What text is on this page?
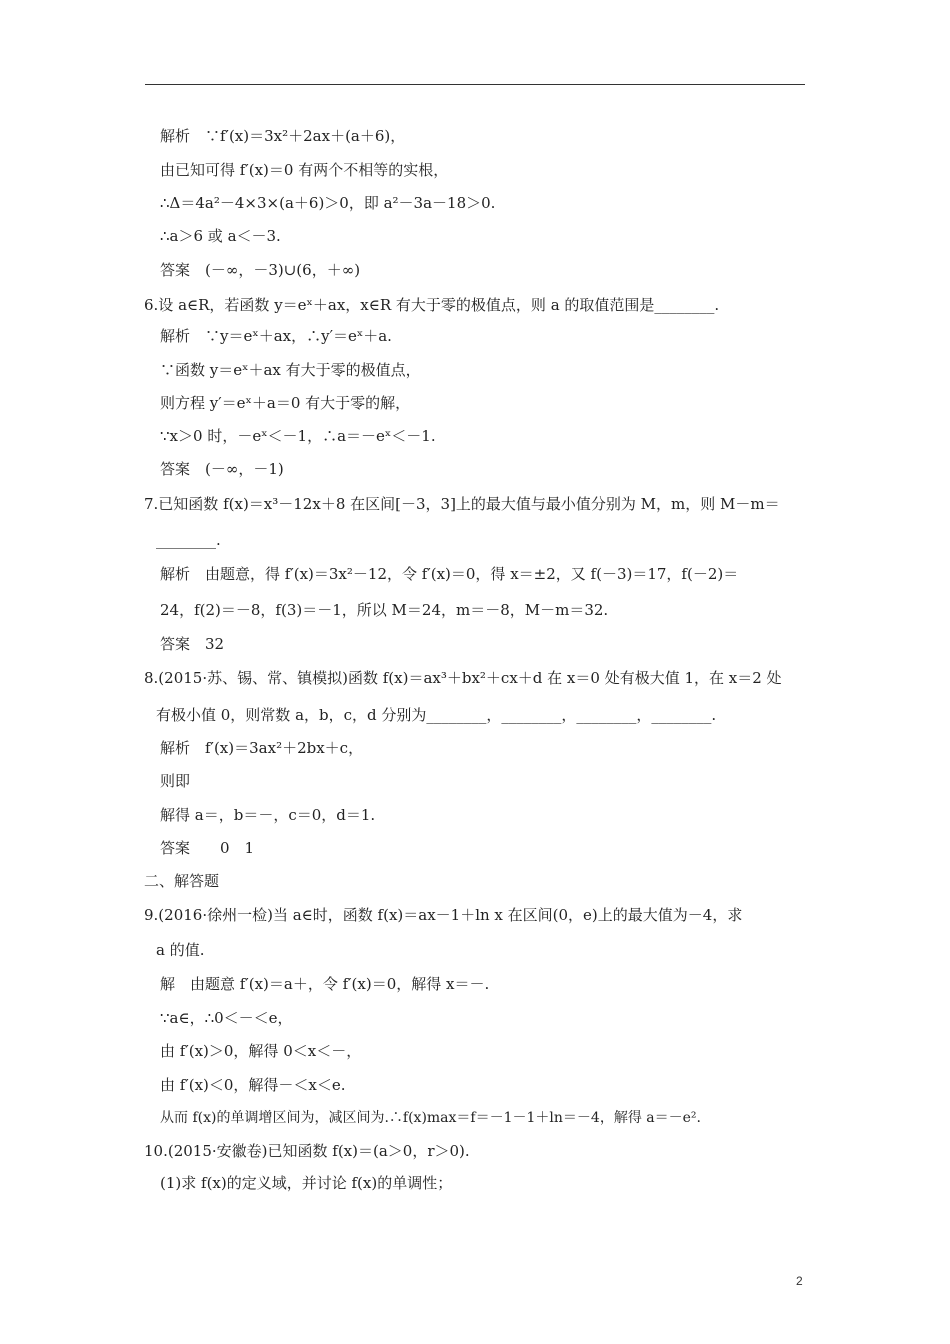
解析　∵f′(x)＝3x²＋2ax＋(a＋6)，
由已知可得 f′(x)＝0 有两个不相等的实根，
∴Δ＝4a²－4×3×(a＋6)＞0，即 a²－3a－18＞0.
∴a＞6 或 a＜－3.
答案　(－∞，－3)∪(6，＋∞)
6.设 a∈R，若函数 y＝eˣ＋ax，x∈R 有大于零的极值点，则 a 的取值范围是________.
解析　∵y＝eˣ＋ax，∴y′＝eˣ＋a.
∵函数 y＝eˣ＋ax 有大于零的极值点，
则方程 y′＝eˣ＋a＝0 有大于零的解，
∵x＞0 时，－eˣ＜－1，∴a＝－eˣ＜－1.
答案　(－∞，－1)
7.已知函数 f(x)＝x³－12x＋8 在区间[－3，3]上的最大值与最小值分别为 M，m，则 M－m＝
________.
解析　由题意，得 f′(x)＝3x²－12，令 f′(x)＝0，得 x＝±2，又 f(－3)＝17，f(－2)＝
24，f(2)＝－8，f(3)＝－1，所以 M＝24，m＝－8，M－m＝32.
答案　32
8.(2015·苏、锡、常、镇模拟)函数 f(x)＝ax³＋bx²＋cx＋d 在 x＝0 处有极大值 1，在 x＝2 处
有极小值 0，则常数 a，b，c，d 分别为________，________，________，________.
解析　f′(x)＝3ax²＋2bx＋c，
则即
解得 a＝，b＝－，c＝0，d＝1.
答案　　0　1
二、解答题
9.(2016·徐州一检)当 a∈时，函数 f(x)＝ax－1＋ln x 在区间(0，e)上的最大值为－4，求
a 的值.
解　由题意 f′(x)＝a＋，令 f′(x)＝0，解得 x＝－.
∵a∈，∴0＜－＜e，
由 f′(x)＞0，解得 0＜x＜－，
由 f′(x)＜0，解得－＜x＜e.
从而 f(x)的单调增区间为，减区间为.∴f(x)max＝f＝－1－1＋ln＝－4，解得 a＝－e².
10.(2015·安徽卷)已知函数 f(x)＝(a＞0，r＞0).
(1)求 f(x)的定义域，并讨论 f(x)的单调性；
2
